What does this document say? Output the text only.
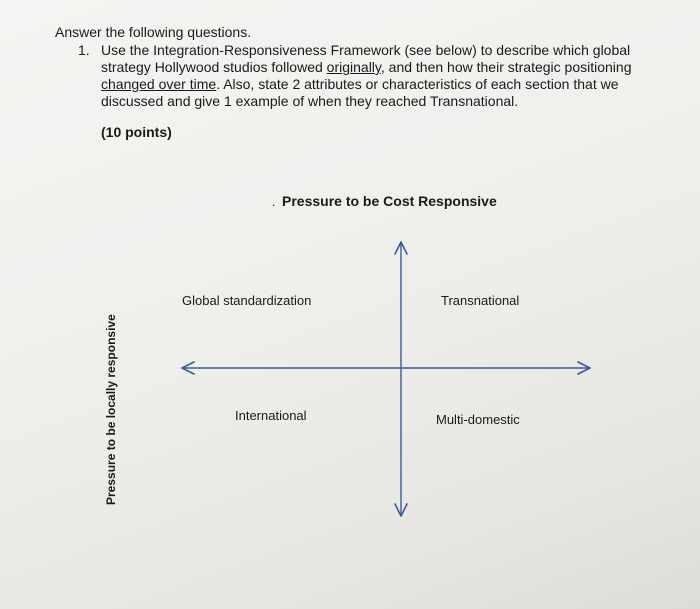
Answer the following questions.

1. Use the Integration-Responsiveness Framework (see below) to describe which global strategy Hollywood studios followed originally, and then how their strategic positioning changed over time. Also, state 2 attributes or characteristics of each section that we discussed and give 1 example of when they reached Transnational.

(10 points)
. Pressure to be Cost Responsive
Pressure to be locally responsive
Global standardization	Transnational
International	Multi-domestic
